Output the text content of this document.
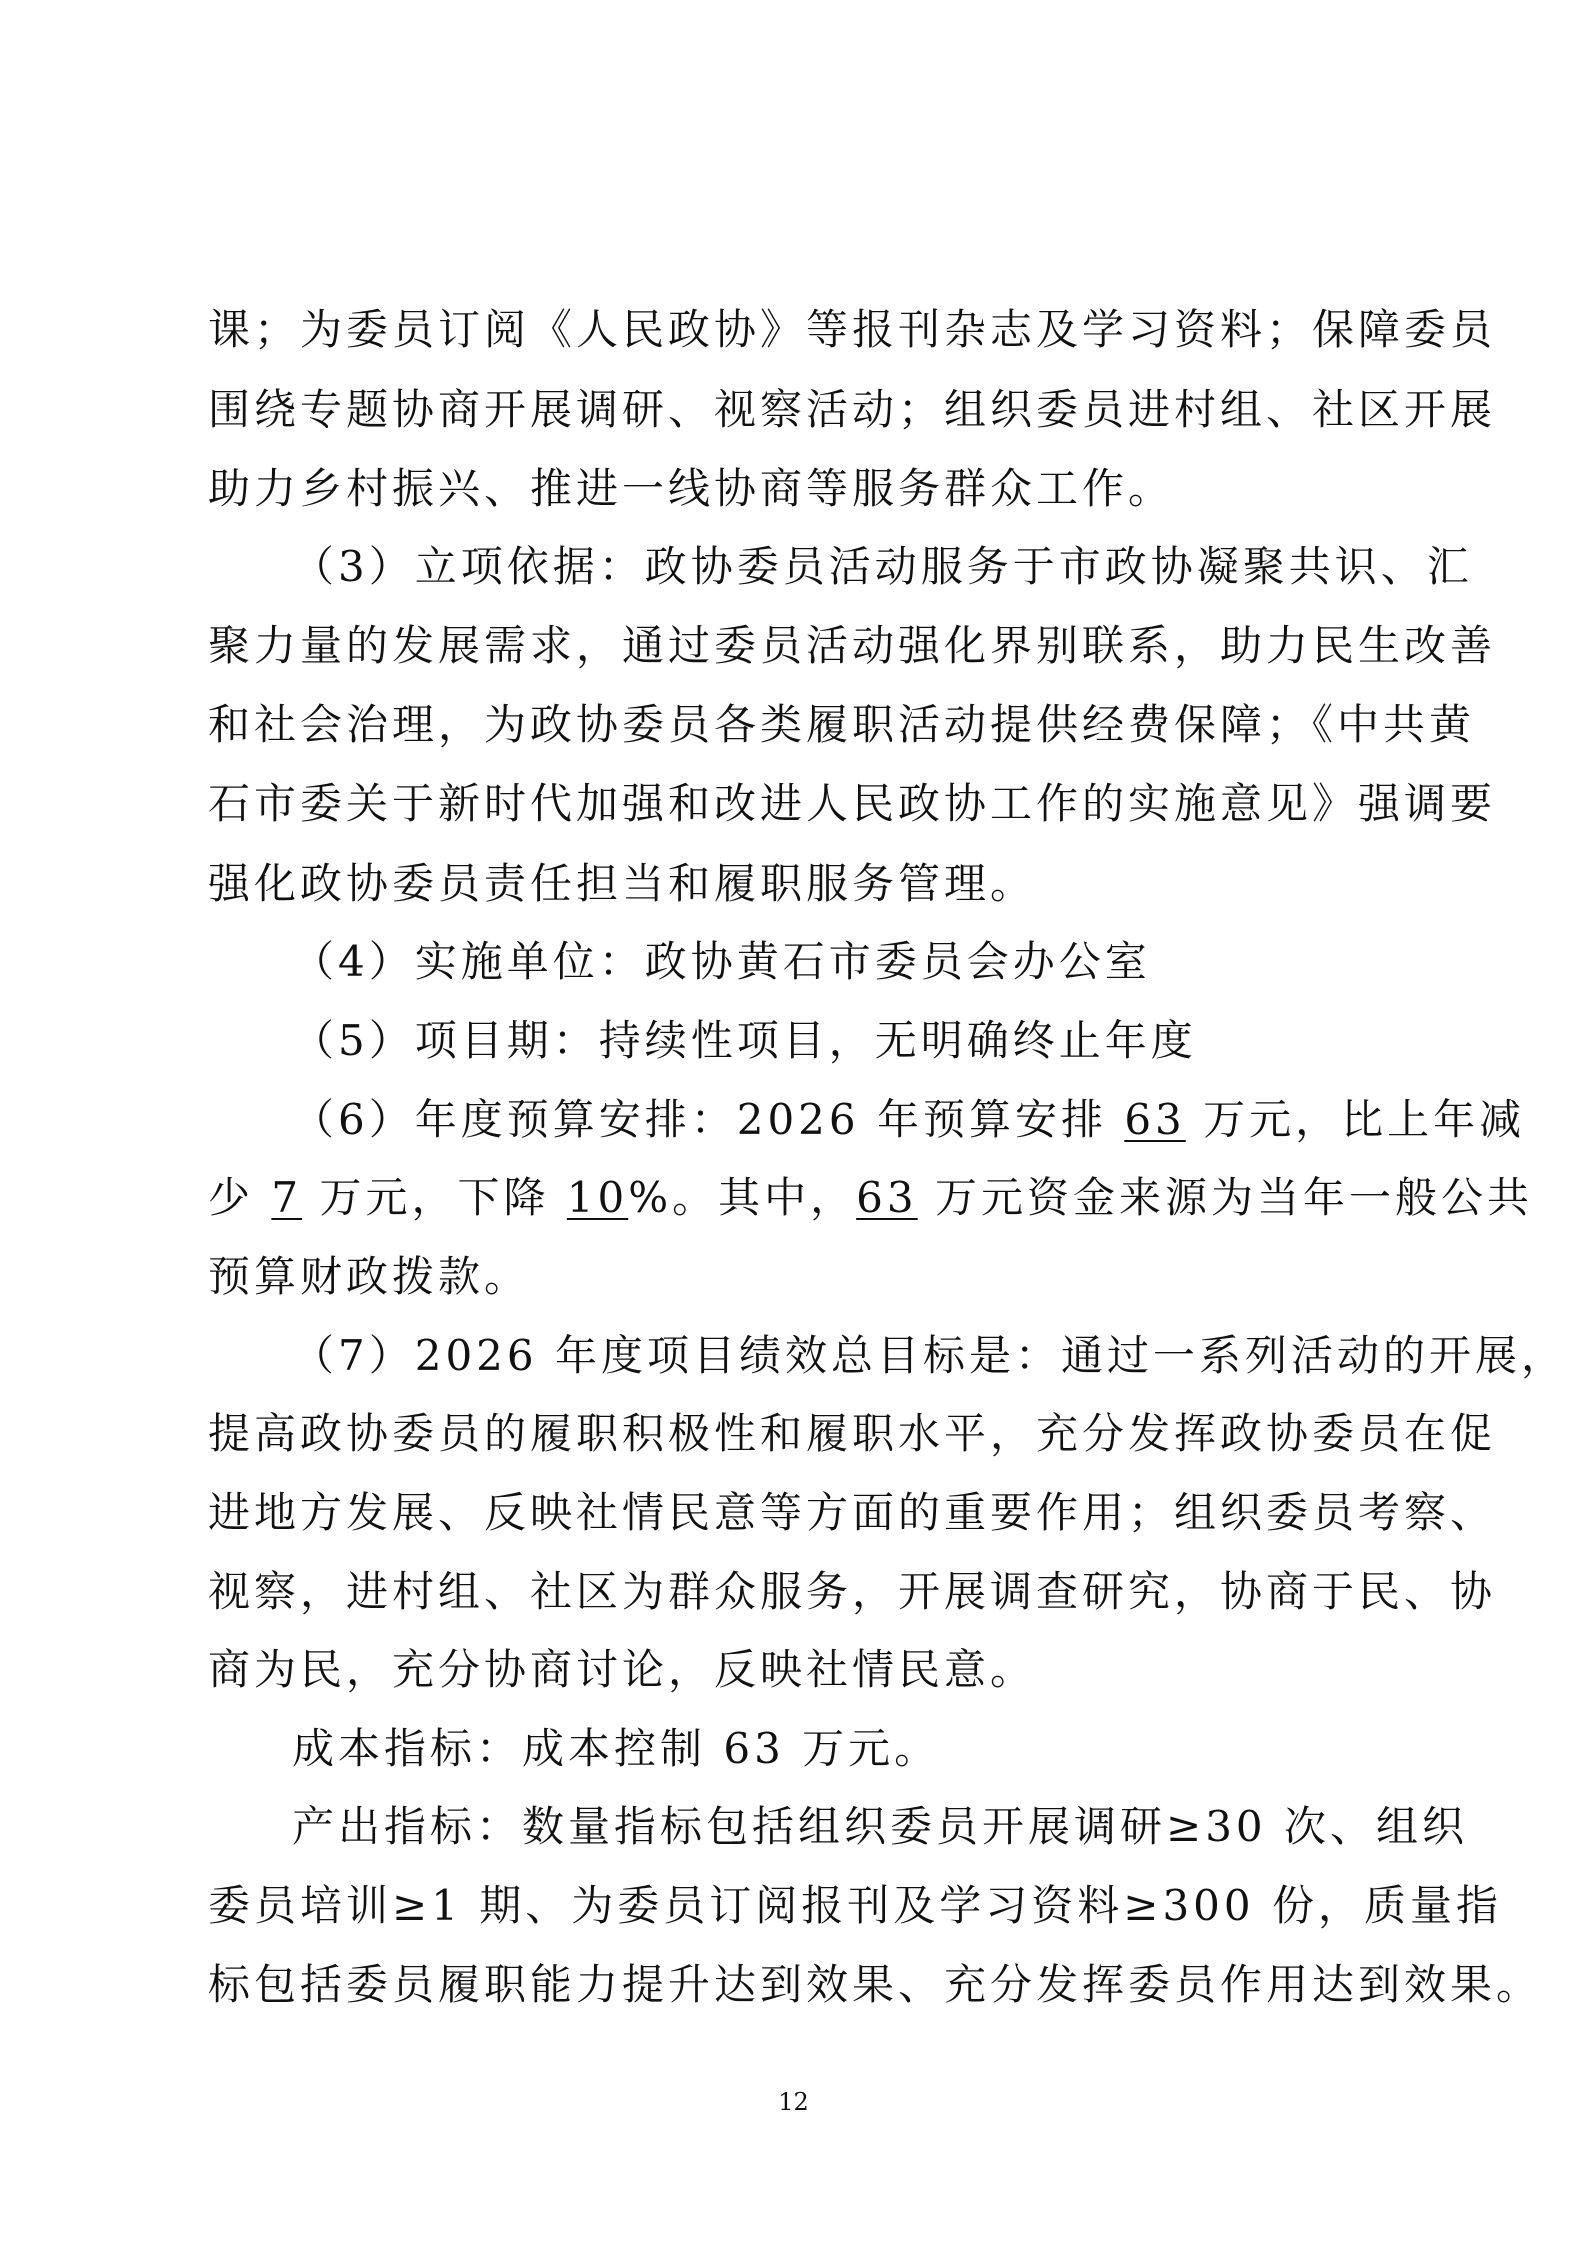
课；为委员订阅《人民政协》等报刊杂志及学习资料；保障委员
围绕专题协商开展调研、视察活动；组织委员进村组、社区开展
助力乡村振兴、推进一线协商等服务群众工作。
（3）立项依据：政协委员活动服务于市政协凝聚共识、汇
聚力量的发展需求，通过委员活动强化界别联系，助力民生改善
和社会治理，为政协委员各类履职活动提供经费保障；《中共黄
石市委关于新时代加强和改进人民政协工作的实施意见》强调要
强化政协委员责任担当和履职服务管理。
（4）实施单位：政协黄石市委员会办公室
（5）项目期：持续性项目，无明确终止年度
（6）年度预算安排：2026 年预算安排 63 万元，比上年减
少 7 万元，下降 10%。其中，63 万元资金来源为当年一般公共
预算财政拨款。
（7）2026 年度项目绩效总目标是：通过一系列活动的开展，
提高政协委员的履职积极性和履职水平，充分发挥政协委员在促
进地方发展、反映社情民意等方面的重要作用；组织委员考察、
视察，进村组、社区为群众服务，开展调查研究，协商于民、协
商为民，充分协商讨论，反映社情民意。
成本指标：成本控制 63 万元。
产出指标：数量指标包括组织委员开展调研≥30 次、组织
委员培训≥1 期、为委员订阅报刊及学习资料≥300 份，质量指
标包括委员履职能力提升达到效果、充分发挥委员作用达到效果。
12
